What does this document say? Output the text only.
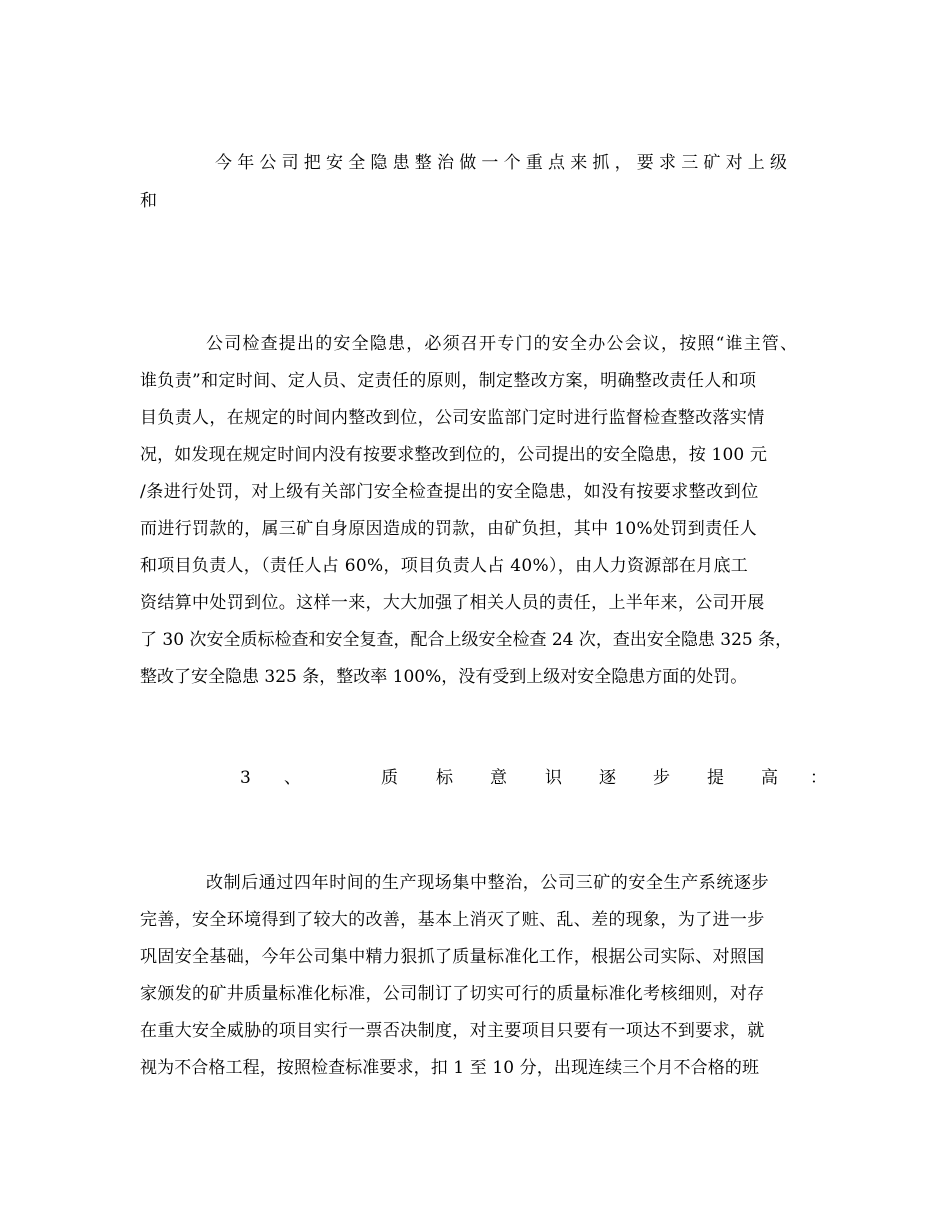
今年公司把安全隐患整治做一个重点来抓，要求三矿对上级

和

公司检查提出的安全隐患，必须召开专门的安全办公会议，按照“谁主管、

谁负责”和定时间、定人员、定责任的原则，制定整改方案，明确整改责任人和项

目负责人，在规定的时间内整改到位，公司安监部门定时进行监督检查整改落实情

况，如发现在规定时间内没有按要求整改到位的，公司提出的安全隐患，按 100 元

/条进行处罚，对上级有关部门安全检查提出的安全隐患，如没有按要求整改到位

而进行罚款的，属三矿自身原因造成的罚款，由矿负担，其中 10%处罚到责任人

和项目负责人，（责任人占 60%，项目负责人占 40%），由人力资源部在月底工

资结算中处罚到位。这样一来，大大加强了相关人员的责任，上半年来，公司开展

了 30 次安全质标检查和安全复查，配合上级安全检查 24 次，查出安全隐患 325 条，

整改了安全隐患 325 条，整改率 100%，没有受到上级对安全隐患方面的处罚。

3 、	质 标 意 识 逐 步 提 高 ：

改制后通过四年时间的生产现场集中整治，公司三矿的安全生产系统逐步

完善，安全环境得到了较大的改善，基本上消灭了赃、乱、差的现象，为了进一步

巩固安全基础，今年公司集中精力狠抓了质量标准化工作，根据公司实际、对照国

家颁发的矿井质量标准化标准，公司制订了切实可行的质量标准化考核细则，对存

在重大安全威胁的项目实行一票否决制度，对主要项目只要有一项达不到要求，就

视为不合格工程，按照检查标准要求，扣 1 至 10 分，出现连续三个月不合格的班
